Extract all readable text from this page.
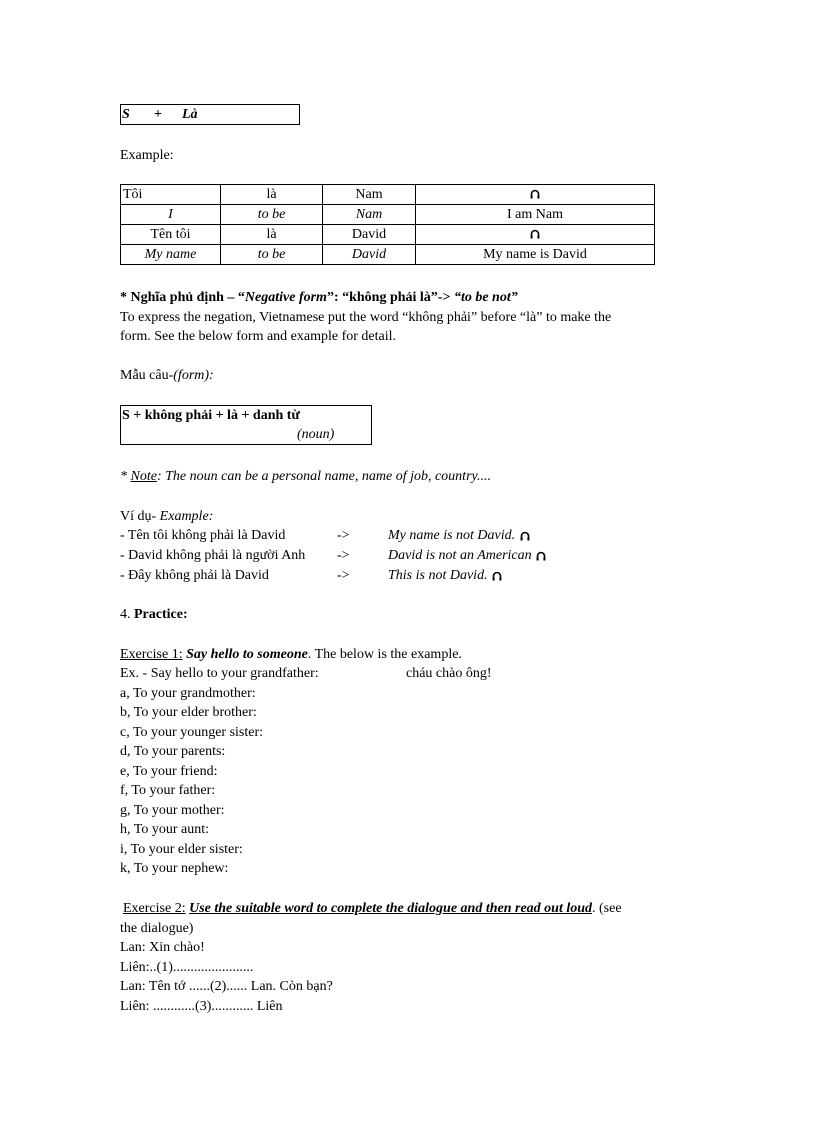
S + Là
Example:
Tôi	là	Nam	

I	to be	Nam	I am Nam
Tên tôi	là	David	

My name	to be	David	My name is David
* Nghĩa phủ định – “Negative form”: “không phải là”-> “to be not”
To express the negation, Vietnamese put the word “không phải” before “là” to make the
form. See the below form and example for detail.
Mẫu câu-(form):
S + không phải + là + danh từ
(noun)
* Note: The noun can be a personal name, name of job, country....
Ví dụ- Example:
- Tên tôi không phải là David	->	My name is not David.
- David không phải là người Anh ->	David is not an American
- Đây không phải là David	->	This is not David.
4. Practice:
Exercise 1: Say hello to someone. The below is the example.
Ex. - Say hello to your grandfather:	cháu chào ông!
a, To your grandmother:
b, To your elder brother:
c, To your younger sister:
d, To your parents:
e, To your friend:
f, To your father:
g, To your mother:
h, To your aunt:
i, To your elder sister:
k, To your nephew:
Exercise 2: Use the suitable word to complete the dialogue and then read out loud. (see
the dialogue)
Lan: Xin chào!
Liên:..(1).......................
Lan: Tên tớ ......(2)...... Lan. Còn bạn?
Liên: ............(3)............ Liên
